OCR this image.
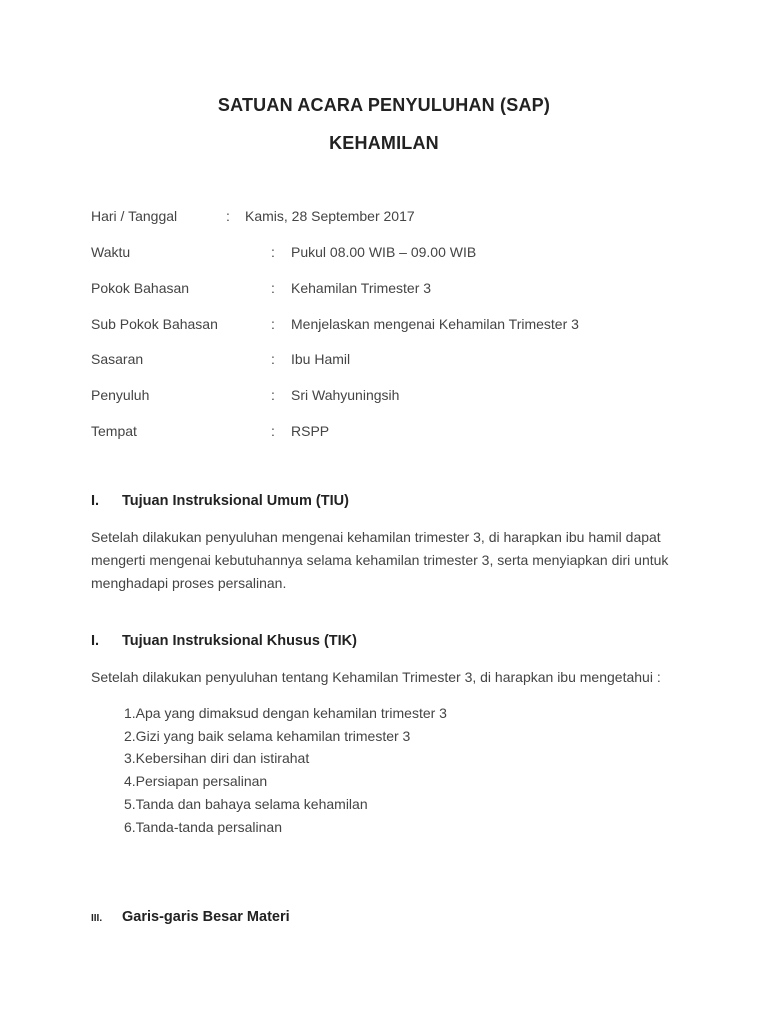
SATUAN ACARA PENYULUHAN (SAP)
KEHAMILAN
Hari / Tanggal	: Kamis, 28 September 2017
Waktu	: Pukul 08.00 WIB – 09.00 WIB
Pokok Bahasan	: Kehamilan Trimester 3
Sub Pokok Bahasan	: Menjelaskan mengenai Kehamilan Trimester 3
Sasaran	: Ibu Hamil
Penyuluh	: Sri Wahyuningsih
Tempat	: RSPP
I. Tujuan Instruksional Umum (TIU)
Setelah dilakukan penyuluhan mengenai kehamilan trimester 3, di harapkan ibu hamil dapat mengerti mengenai kebutuhannya selama kehamilan trimester 3, serta menyiapkan diri untuk menghadapi proses persalinan.
I. Tujuan Instruksional Khusus (TIK)
Setelah dilakukan penyuluhan tentang Kehamilan Trimester 3, di harapkan ibu mengetahui :
1.Apa yang dimaksud dengan kehamilan trimester 3
2.Gizi yang baik selama kehamilan trimester 3
3.Kebersihan diri dan istirahat
4.Persiapan persalinan
5.Tanda dan bahaya selama kehamilan
6.Tanda-tanda persalinan
III. Garis-garis Besar Materi
